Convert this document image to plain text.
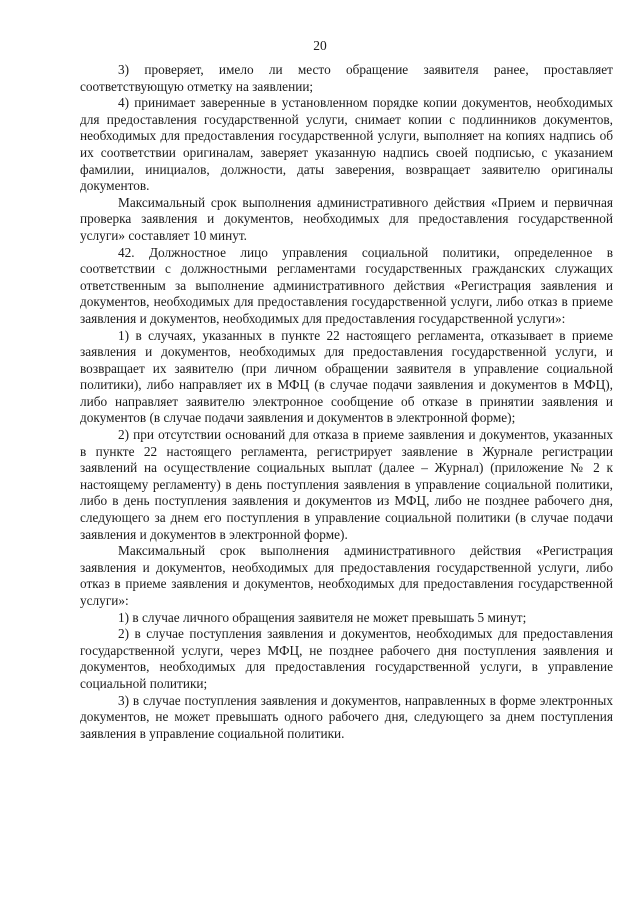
20

3) проверяет, имело ли место обращение заявителя ранее, проставляет соответствующую отметку на заявлении;

4) принимает заверенные в установленном порядке копии документов, необходимых для предоставления государственной услуги, снимает копии с подлинников документов, необходимых для предоставления государственной услуги, выполняет на копиях надпись об их соответствии оригиналам, заверяет указанную надпись своей подписью, с указанием фамилии, инициалов, должности, даты заверения, возвращает заявителю оригиналы документов.

Максимальный срок выполнения административного действия «Прием и первичная проверка заявления и документов, необходимых для предоставления государственной услуги» составляет 10 минут.

42. Должностное лицо управления социальной политики, определенное в соответствии с должностными регламентами государственных гражданских служащих ответственным за выполнение административного действия «Регистрация заявления и документов, необходимых для предоставления государственной услуги, либо отказ в приеме заявления и документов, необходимых для предоставления государственной услуги»:

1) в случаях, указанных в пункте 22 настоящего регламента, отказывает в приеме заявления и документов, необходимых для предоставления государственной услуги, и возвращает их заявителю (при личном обращении заявителя в управление социальной политики), либо направляет их в МФЦ (в случае подачи заявления и документов в МФЦ), либо направляет заявителю электронное сообщение об отказе в принятии заявления и документов (в случае подачи заявления и документов в электронной форме);

2) при отсутствии оснований для отказа в приеме заявления и документов, указанных в пункте 22 настоящего регламента, регистрирует заявление в Журнале регистрации заявлений на осуществление социальных выплат (далее – Журнал) (приложение № 2 к настоящему регламенту) в день поступления заявления в управление социальной политики, либо в день поступления заявления и документов из МФЦ, либо не позднее рабочего дня, следующего за днем его поступления в управление социальной политики (в случае подачи заявления и документов в электронной форме).

Максимальный срок выполнения административного действия «Регистрация заявления и документов, необходимых для предоставления государственной услуги, либо отказ в приеме заявления и документов, необходимых для предоставления государственной услуги»:

1) в случае личного обращения заявителя не может превышать 5 минут;

2) в случае поступления заявления и документов, необходимых для предоставления государственной услуги, через МФЦ, не позднее рабочего дня поступления заявления и документов, необходимых для предоставления государственной услуги, в управление социальной политики;

3) в случае поступления заявления и документов, направленных в форме электронных документов, не может превышать одного рабочего дня, следующего за днем поступления заявления в управление социальной политики.
